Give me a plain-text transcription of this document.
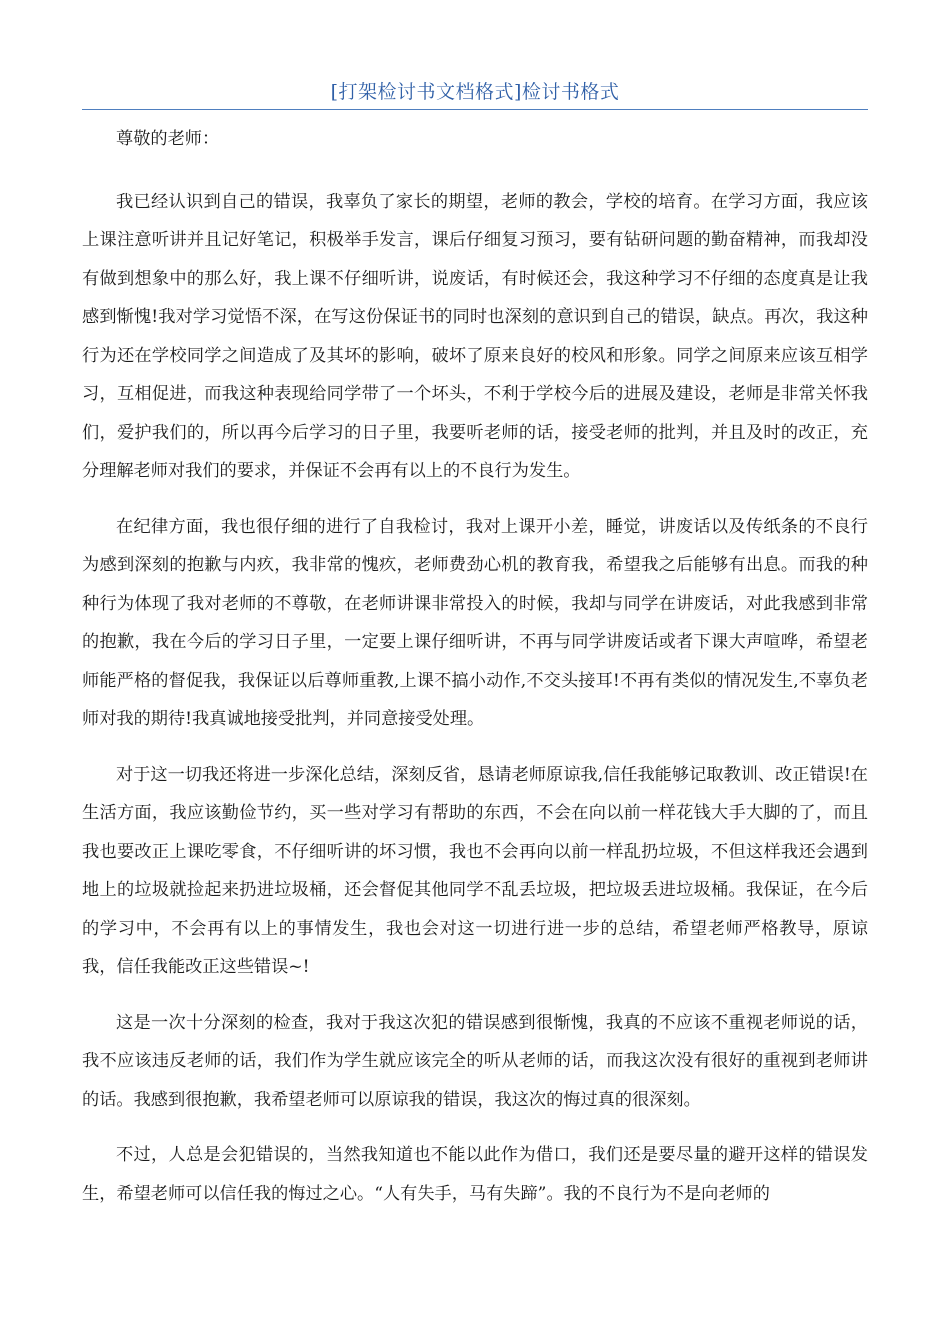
[打架检讨书文档格式]检讨书格式

尊敬的老师：

我已经认识到自己的错误，我辜负了家长的期望，老师的教会，学校的培育。在学习方面，我应该上课注意听讲并且记好笔记，积极举手发言，课后仔细复习预习，要有钻研问题的勤奋精神，而我却没有做到想象中的那么好，我上课不仔细听讲，说废话，有时候还会，我这种学习不仔细的态度真是让我感到惭愧!我对学习觉悟不深，在写这份保证书的同时也深刻的意识到自己的错误，缺点。再次，我这种行为还在学校同学之间造成了及其坏的影响，破坏了原来良好的校风和形象。同学之间原来应该互相学习，互相促进，而我这种表现给同学带了一个坏头，不利于学校今后的进展及建设，老师是非常关怀我们，爱护我们的，所以再今后学习的日子里，我要听老师的话，接受老师的批判，并且及时的改正，充分理解老师对我们的要求，并保证不会再有以上的不良行为发生。

在纪律方面，我也很仔细的进行了自我检讨，我对上课开小差，睡觉，讲废话以及传纸条的不良行为感到深刻的抱歉与内疚，我非常的愧疚，老师费劲心机的教育我，希望我之后能够有出息。而我的种种行为体现了我对老师的不尊敬，在老师讲课非常投入的时候，我却与同学在讲废话，对此我感到非常的抱歉，我在今后的学习日子里，一定要上课仔细听讲，不再与同学讲废话或者下课大声喧哗，希望老师能严格的督促我，我保证以后尊师重教,上课不搞小动作,不交头接耳!不再有类似的情况发生,不辜负老师对我的期待!我真诚地接受批判，并同意接受处理。

对于这一切我还将进一步深化总结，深刻反省，恳请老师原谅我,信任我能够记取教训、改正错误!在生活方面，我应该勤俭节约，买一些对学习有帮助的东西，不会在向以前一样花钱大手大脚的了，而且我也要改正上课吃零食，不仔细听讲的坏习惯，我也不会再向以前一样乱扔垃圾，不但这样我还会遇到地上的垃圾就捡起来扔进垃圾桶，还会督促其他同学不乱丢垃圾，把垃圾丢进垃圾桶。我保证，在今后的学习中，不会再有以上的事情发生，我也会对这一切进行进一步的总结，希望老师严格教导，原谅我，信任我能改正这些错误~!

这是一次十分深刻的检查，我对于我这次犯的错误感到很惭愧，我真的不应该不重视老师说的话，我不应该违反老师的话，我们作为学生就应该完全的听从老师的话，而我这次没有很好的重视到老师讲的话。我感到很抱歉，我希望老师可以原谅我的错误，我这次的悔过真的很深刻。

不过，人总是会犯错误的，当然我知道也不能以此作为借口，我们还是要尽量的避开这样的错误发生，希望老师可以信任我的悔过之心。“人有失手，马有失蹄”。我的不良行为不是向老师的
